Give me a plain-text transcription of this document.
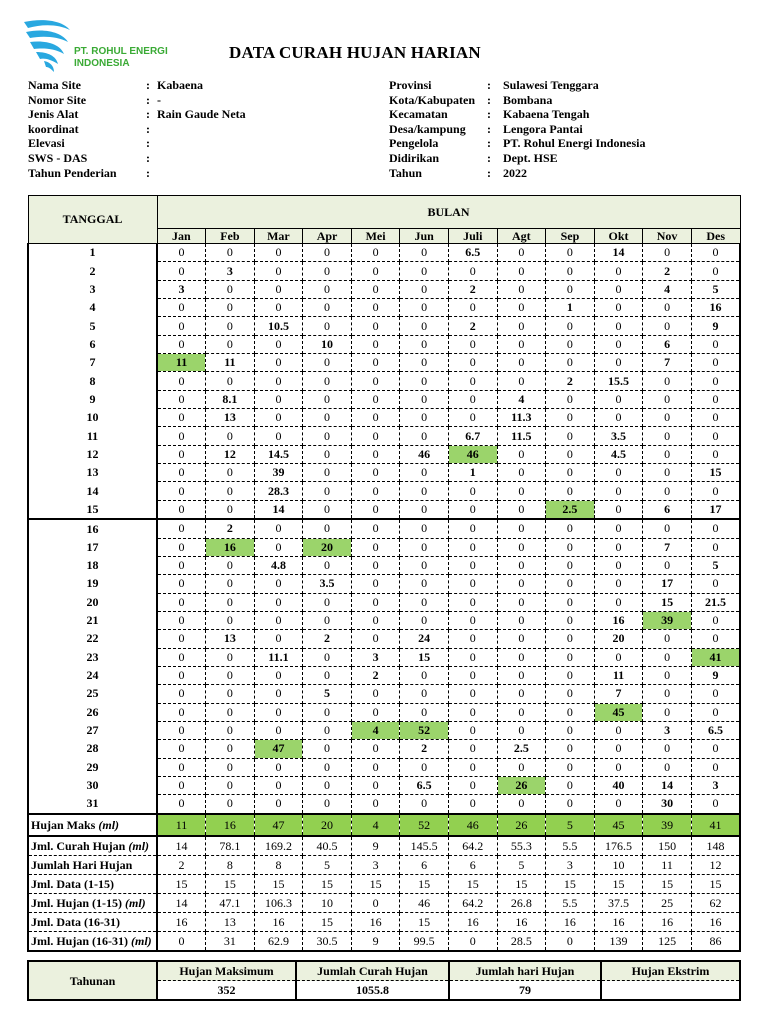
PT. ROHUL ENERGI
INDONESIA
DATA CURAH HUJAN HARIAN
Nama Site	: Kabaena
Nomor Site	: -
Jenis Alat	: Rain Gaude Neta
koordinat	:
Elevasi	:
SWS - DAS	:
Tahun Penderian :
Provinsi	: Sulawesi Tenggara
Kota/Kabupaten : Bombana
Kecamatan	: Kabaena Tengah
Desa/kampung : Lengora Pantai
Pengelola	: PT. Rohul Energi Indonesia
Didirikan	: Dept. HSE
Tahun	: 2022
TANGGAL	BULAN											
	Jan	Feb	Mar	Apr	Mei	Jun	Juli	Agt	Sep	Okt	Nov	Des
1	0	0	0	0	0	0	6.5	0	0	14	0	0
2	0	3	0	0	0	0	0	0	0	0	2	0
3	3	0	0	0	0	0	2	0	0	0	4	5
4	0	0	0	0	0	0	0	0	1	0	0	16
5	0	0	10.5	0	0	0	2	0	0	0	0	9
6	0	0	0	10	0	0	0	0	0	0	6	0
7	11	11	0	0	0	0	0	0	0	0	7	0
8	0	0	0	0	0	0	0	0	2	15.5	0	0
9	0	8.1	0	0	0	0	0	4	0	0	0	0
10	0	13	0	0	0	0	0	11.3	0	0	0	0
11	0	0	0	0	0	0	6.7	11.5	0	3.5	0	0
12	0	12	14.5	0	0	46	46	0	0	4.5	0	0
13	0	0	39	0	0	0	1	0	0	0	0	15
14	0	0	28.3	0	0	0	0	0	0	0	0	0
15	0	0	14	0	0	0	0	0	2.5	0	6	17
16	0	2	0	0	0	0	0	0	0	0	0	0
17	0	16	0	20	0	0	0	0	0	0	7	0
18	0	0	4.8	0	0	0	0	0	0	0	0	5
19	0	0	0	3.5	0	0	0	0	0	0	17	0
20	0	0	0	0	0	0	0	0	0	0	15	21.5
21	0	0	0	0	0	0	0	0	0	16	39	0
22	0	13	0	2	0	24	0	0	0	20	0	0
23	0	0	11.1	0	3	15	0	0	0	0	0	41
24	0	0	0	0	2	0	0	0	0	11	0	9
25	0	0	0	5	0	0	0	0	0	7	0	0
26	0	0	0	0	0	0	0	0	0	45	0	0
27	0	0	0	0	4	52	0	0	0	0	3	6.5
28	0	0	47	0	0	2	0	2.5	0	0	0	0
29	0	0	0	0	0	0	0	0	0	0	0	0
30	0	0	0	0	0	6.5	0	26	0	40	14	3
31	0	0	0	0	0	0	0	0	0	0	30	0
Hujan Maks (ml)	11	16	47	20	4	52	46	26	5	45	39	41
Jml. Curah Hujan (ml)	14	78.1	169.2	40.5	9	145.5	64.2	55.3	5.5	176.5	150	148
Jumlah Hari Hujan	2	8	8	5	3	6	6	5	3	10	11	12
Jml. Data (1-15)	15	15	15	15	15	15	15	15	15	15	15	15
Jml. Hujan (1-15) (ml)	14	47.1	106.3	10	0	46	64.2	26.8	5.5	37.5	25	62
Jml. Data (16-31)	16	13	16	15	16	15	16	16	16	16	16	16
Jml. Hujan (16-31) (ml)	0	31	62.9	30.5	9	99.5	0	28.5	0	139	125	86
Tahunan	Hujan Maksimum	Jumlah Curah Hujan	Jumlah hari Hujan	Hujan Ekstrim
	352	1055.8	79	
